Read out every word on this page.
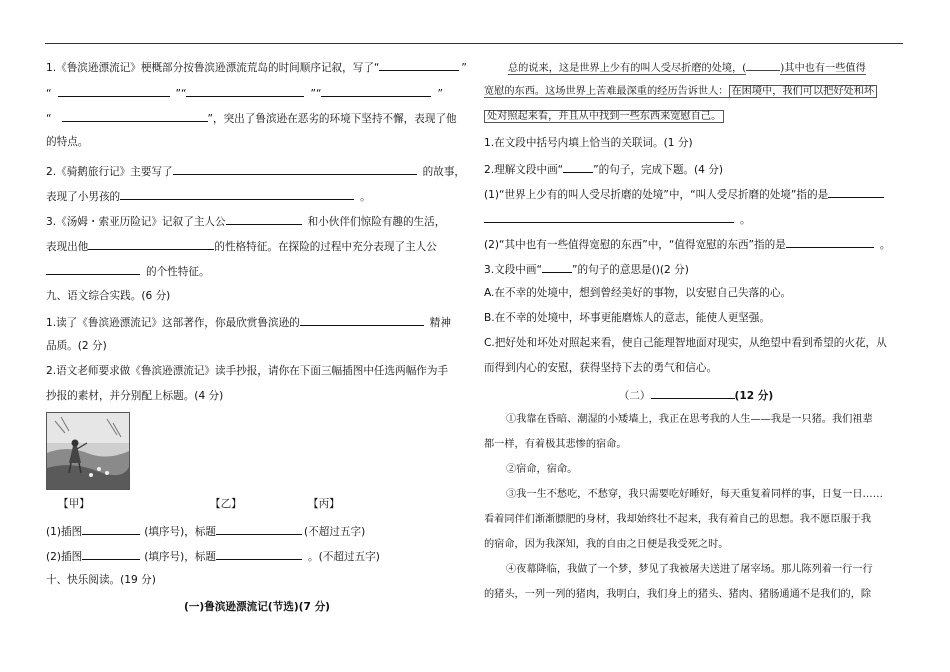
1.《鲁滨逊漂流记》梗概部分按鲁滨逊漂流荒岛的时间顺序记叙，写了“	”
“	”“	”“	”
“	”，突出了鲁滨逊在恶劣的环境下坚持不懈，表现了他
的特点。
2.《骑鹅旅行记》主要写了	的故事，
表现了小男孩的	。
3.《汤姆・索亚历险记》记叙了主人公	和小伙伴们惊险有趣的生活，
表现出他	的性格特征。在探险的过程中充分表现了主人公
的个性特征。
九、语文综合实践。(6 分)
1.读了《鲁滨逊漂流记》这部著作，你最欣赏鲁滨逊的	精神
品质。(2 分)
2.语文老师要求做《鲁滨逊漂流记》读手抄报，请你在下面三幅插图中任选两幅作为手
抄报的素材，并分别配上标题。(4 分)
【甲】	【乙】	【丙】
(1)插图	(填序号)，标题	(不超过五字)
(2)插图	(填序号)，标题	。(不超过五字)
十、快乐阅读。(19 分)
(一)鲁滨逊漂流记(节选)(7 分)
总的说来，这是世界上少有的叫人受尽折磨的处境，(	)其中也有一些值得
宽慰的东西。这场世界上苦难最深重的经历告诉世人： 在困境中，我们可以把好处和坏
处对照起来看，并且从中找到一些东西来宽慰自己。
1.在文段中括号内填上恰当的关联词。(1 分)
2.理解文段中画“	”的句子，完成下题。(4 分)
(1)“世界上少有的叫人受尽折磨的处境”中，“叫人受尽折磨的处境”指的是
。
(2)“其中也有一些值得宽慰的东西”中，“值得宽慰的东西”指的是	。
3.文段中画“	”的句子的意思是()(2 分)
A.在不幸的处境中，想到曾经美好的事物，以安慰自己失落的心。
B.在不幸的处境中，坏事更能磨炼人的意志，能使人更坚强。
C.把好处和坏处对照起来看，使自己能理智地面对现实，从绝望中看到希望的火花，从
而得到内心的安慰，获得坚持下去的勇气和信心。
（二）	(12 分)
①我靠在昏暗、潮湿的小矮墙上，我正在思考我的人生——我是一只猪。我们祖辈
都一样，有着极其悲惨的宿命。
②宿命，宿命。
③我一生不愁吃，不愁穿，我只需要吃好睡好，每天重复着同样的事，日复一日……
看着同伴们渐渐膘肥的身材，我却始终壮不起来，我有着自己的思想。我不愿臣服于我
的宿命，因为我深知，我的自由之日便是我受死之时。
④夜幕降临，我做了一个梦，梦见了我被屠夫送进了屠宰场。那儿陈列着一行一行
的猪头，一列一列的猪肉，我明白，我们身上的猪头、猪肉、猪肠通通不是我们的，除
